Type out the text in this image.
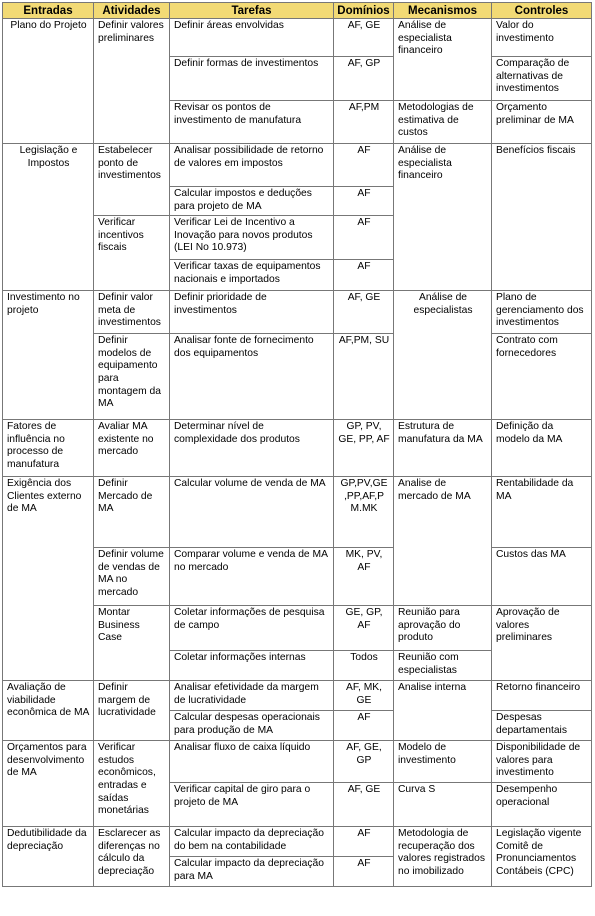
Entradas	Atividades	Tarefas	Domínios	Mecanismos	Controles
Plano do Projeto	Definir valores preliminares	Definir áreas envolvidas	AF, GE	Análise de especialista financeiro	Valor do investimento
		Definir formas de investimentos	AF, GP		Comparação de alternativas de investimentos
		Revisar os pontos de investimento de manufatura	AF,PM	Metodologias de estimativa de custos	Orçamento preliminar de MA
Legislação e Impostos	Estabelecer ponto de investimentos	Analisar possibilidade de retorno de valores em impostos	AF	Análise de especialista financeiro	Benefícios fiscais
		Calcular impostos e deduções para projeto de MA	AF		
	Verificar incentivos fiscais	Verificar Lei de Incentivo a Inovação para novos produtos (LEI No 10.973)	AF		
		Verificar taxas de equipamentos nacionais e importados	AF		
Investimento no projeto	Definir valor meta de investimentos	Definir prioridade de investimentos	AF, GE	Análise de especialistas	Plano de gerenciamento dos investimentos
	Definir modelos de equipamento para montagem da MA	Analisar fonte de fornecimento dos equipamentos	AF,PM, SU		Contrato com fornecedores
Fatores de influência no processo de manufatura	Avaliar MA existente no mercado	Determinar nível de complexidade dos produtos	GP, PV, GE, PP, AF	Estrutura de manufatura da MA	Definição da modelo da MA
Exigência dos Clientes externo de MA	Definir Mercado de MA	Calcular volume de venda de MA	GP,PV,GE ,PP,AF,P M.MK	Analise de mercado de MA	Rentabilidade da MA
	Definir volume de vendas de MA no mercado	Comparar volume e venda de MA no mercado	MK, PV, AF		Custos das MA
	Montar Business Case	Coletar informações de pesquisa de campo	GE, GP, AF	Reunião para aprovação do produto	Aprovação de valores preliminares
		Coletar informações internas	Todos	Reunião com especialistas	
Avaliação de viabilidade econômica de MA	Definir margem de lucratividade	Analisar efetividade da margem de lucratividade	AF, MK, GE	Analise interna	Retorno financeiro
		Calcular despesas operacionais para produção de MA	AF		Despesas departamentais
Orçamentos para desenvolvimento de MA	Verificar estudos econômicos, entradas e saídas monetárias	Analisar fluxo de caixa líquido	AF, GE, GP	Modelo de investimento	Disponibilidade de valores para investimento
		Verificar capital de giro para o projeto de MA	AF, GE	Curva S	Desempenho operacional
Dedutibilidade da depreciação	Esclarecer as diferenças no cálculo da depreciação	Calcular impacto da depreciação do bem na contabilidade	AF	Metodologia de recuperação dos valores registrados no imobilizado	Legislação vigente Comitê de Pronunciamentos Contábeis (CPC)
		Calcular impacto da depreciação para MA	AF		
